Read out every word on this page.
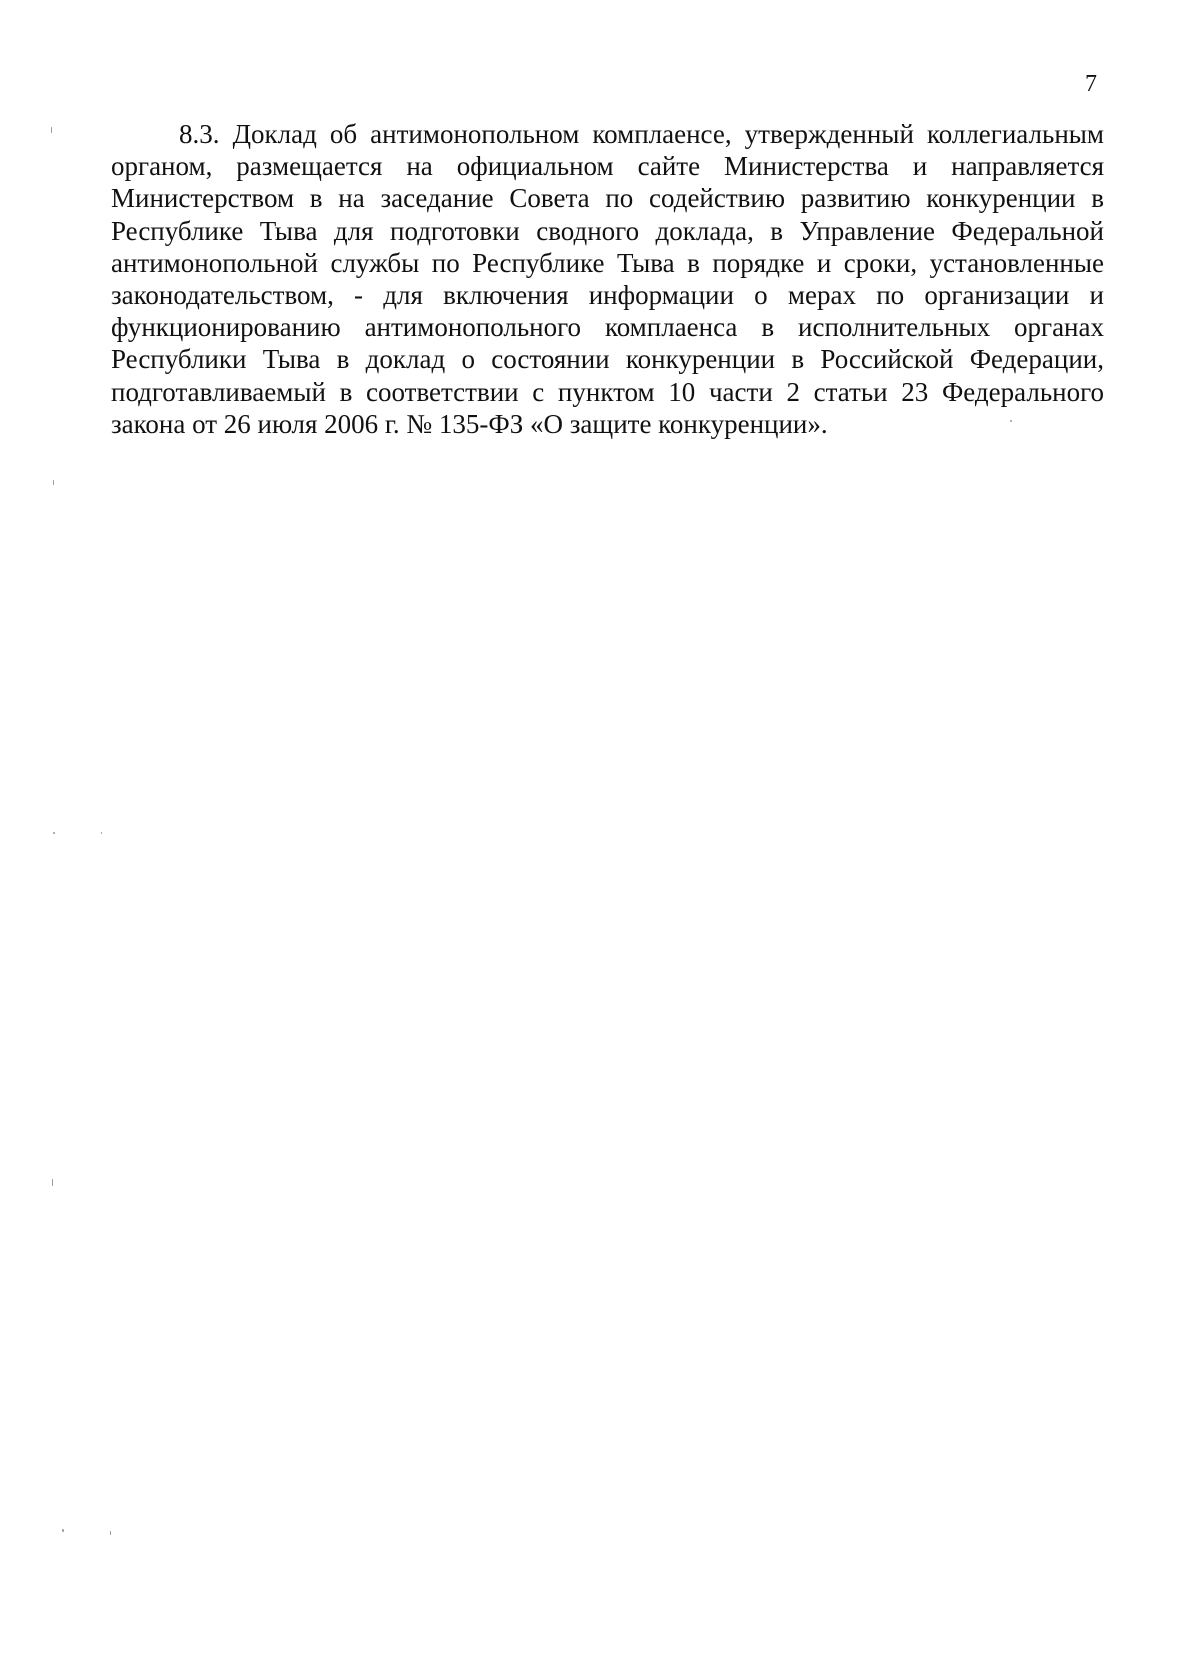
7

8.3. Доклад об антимонопольном комплаенсе, утвержденный коллегиальным органом, размещается на официальном сайте Министерства и направляется Министерством в на заседание Совета по содействию развитию конкуренции в Республике Тыва для подготовки сводного доклада, в Управление Федеральной антимонопольной службы по Республике Тыва в порядке и сроки, установленные законодательством, - для включения информации о мерах по организации и функционированию антимонопольного комплаенса в исполнительных органах Республики Тыва в доклад о состоянии конкуренции в Российской Федерации, подготавливаемый в соответствии с пунктом 10 части 2 статьи 23 Федерального закона от 26 июля 2006 г. № 135-ФЗ «О защите конкуренции».
